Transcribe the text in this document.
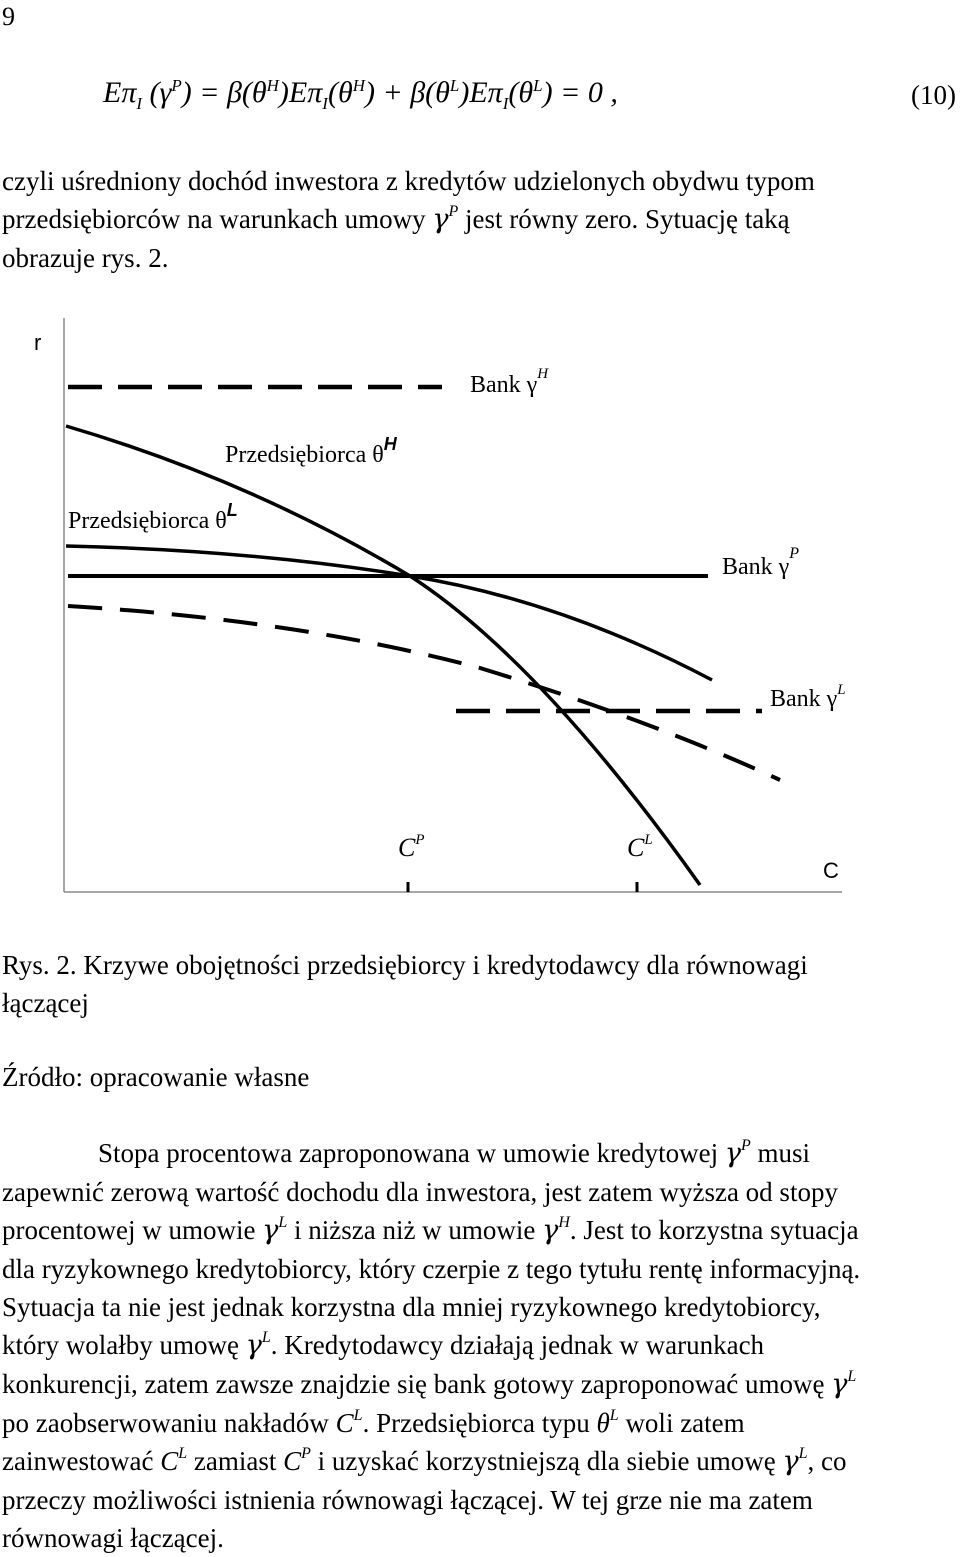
9
$E\pi_I$ $(\gamma^P) = \beta(\theta^H)E\pi_I(\theta^H) + \beta(\theta^L)E\pi_I(\theta^L) = 0$ ,	(10)

czyli uśredniony dochód inwestora z kredytów udzielonych obydwu typom
przedsiębiorców na warunkach umowy $\gamma^P$ jest równy zero. Sytuację taką
obrazuje rys. 2.

r
C
Bank $\gamma^H$
Przedsiębiorca $\theta^H$
Przedsiębiorca $\theta^L$
Bank $\gamma^P$
Bank $\gamma^L$
$C^P$	$C^L$

Rys. 2. Krzywe obojętności przedsiębiorcy i kredytodawcy dla równowagi
łączącej

Źródło: opracowanie własne

Stopa procentowa zaproponowana w umowie kredytowej $\gamma^P$ musi
zapewnić zerową wartość dochodu dla inwestora, jest zatem wyższa od stopy
procentowej w umowie $\gamma^L$ i niższa niż w umowie $\gamma^H$. Jest to korzystna sytuacja
dla ryzykownego kredytobiorcy, który czerpie z tego tytułu rentę informacyjną.
Sytuacja ta nie jest jednak korzystna dla mniej ryzykownego kredytobiorcy,
który wolałby umowę $\gamma^L$. Kredytodawcy działają jednak w warunkach
konkurencji, zatem zawsze znajdzie się bank gotowy zaproponować umowę $\gamma^L$
po zaobserwowaniu nakładów $C^L$. Przedsiębiorca typu $\theta^L$ woli zatem
zainwestować $C^L$ zamiast $C^P$ i uzyskać korzystniejszą dla siebie umowę $\gamma^L$, co
przeczy możliwości istnienia równowagi łączącej. W tej grze nie ma zatem
równowagi łączącej.
